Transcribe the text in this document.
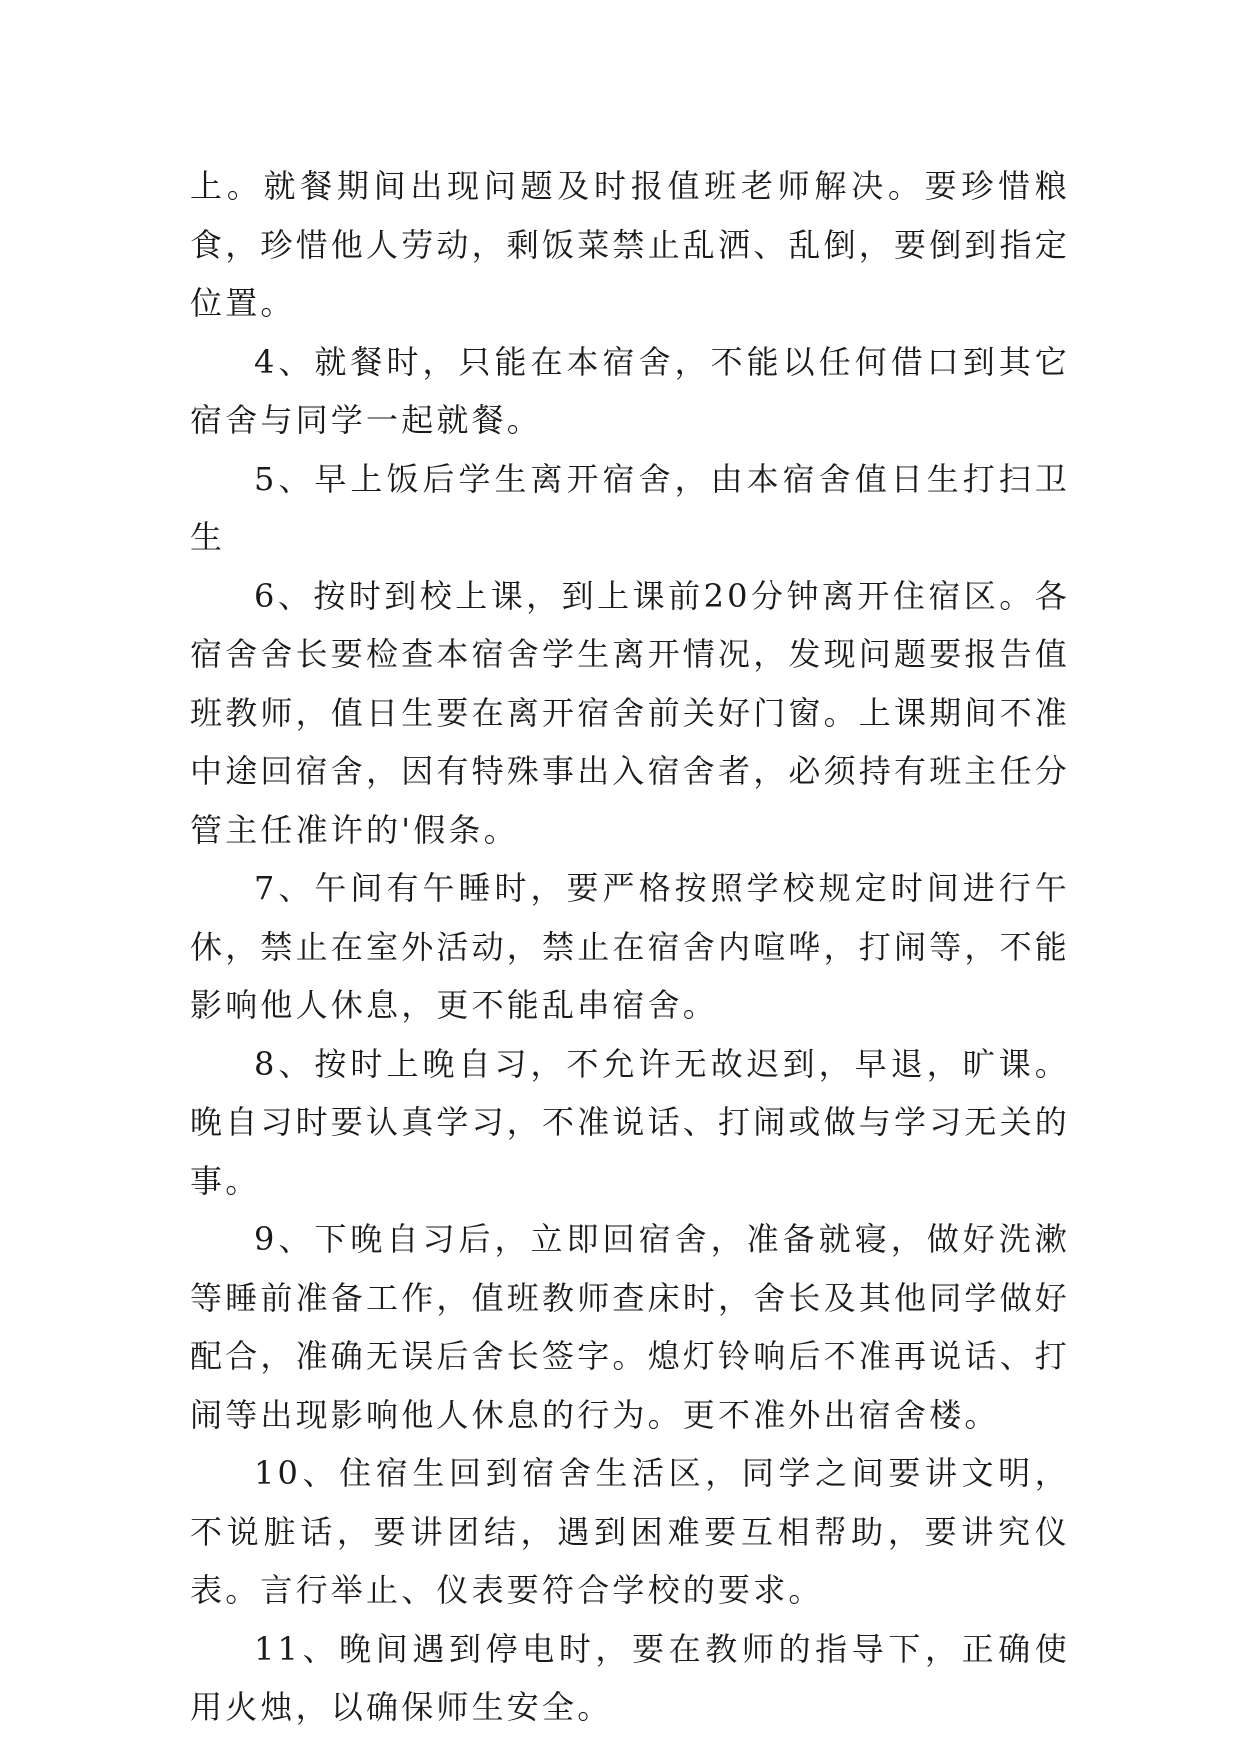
上。就餐期间出现问题及时报值班老师解决。要珍惜粮食，珍惜他人劳动，剩饭菜禁止乱洒、乱倒，要倒到指定位置。

4、就餐时，只能在本宿舍，不能以任何借口到其它宿舍与同学一起就餐。

5、早上饭后学生离开宿舍，由本宿舍值日生打扫卫生

6、按时到校上课，到上课前20分钟离开住宿区。各宿舍舍长要检查本宿舍学生离开情况，发现问题要报告值班教师，值日生要在离开宿舍前关好门窗。上课期间不准中途回宿舍，因有特殊事出入宿舍者，必须持有班主任分管主任准许的'假条。

7、午间有午睡时，要严格按照学校规定时间进行午休，禁止在室外活动，禁止在宿舍内喧哗，打闹等，不能影响他人休息，更不能乱串宿舍。

8、按时上晚自习，不允许无故迟到，早退，旷课。晚自习时要认真学习，不准说话、打闹或做与学习无关的事。

9、下晚自习后，立即回宿舍，准备就寝，做好洗漱等睡前准备工作，值班教师查床时，舍长及其他同学做好配合，准确无误后舍长签字。熄灯铃响后不准再说话、打闹等出现影响他人休息的行为。更不准外出宿舍楼。

10、住宿生回到宿舍生活区，同学之间要讲文明，不说脏话，要讲团结，遇到困难要互相帮助，要讲究仪表。言行举止、仪表要符合学校的要求。

11、晚间遇到停电时，要在教师的指导下，正确使用火烛，以确保师生安全。
